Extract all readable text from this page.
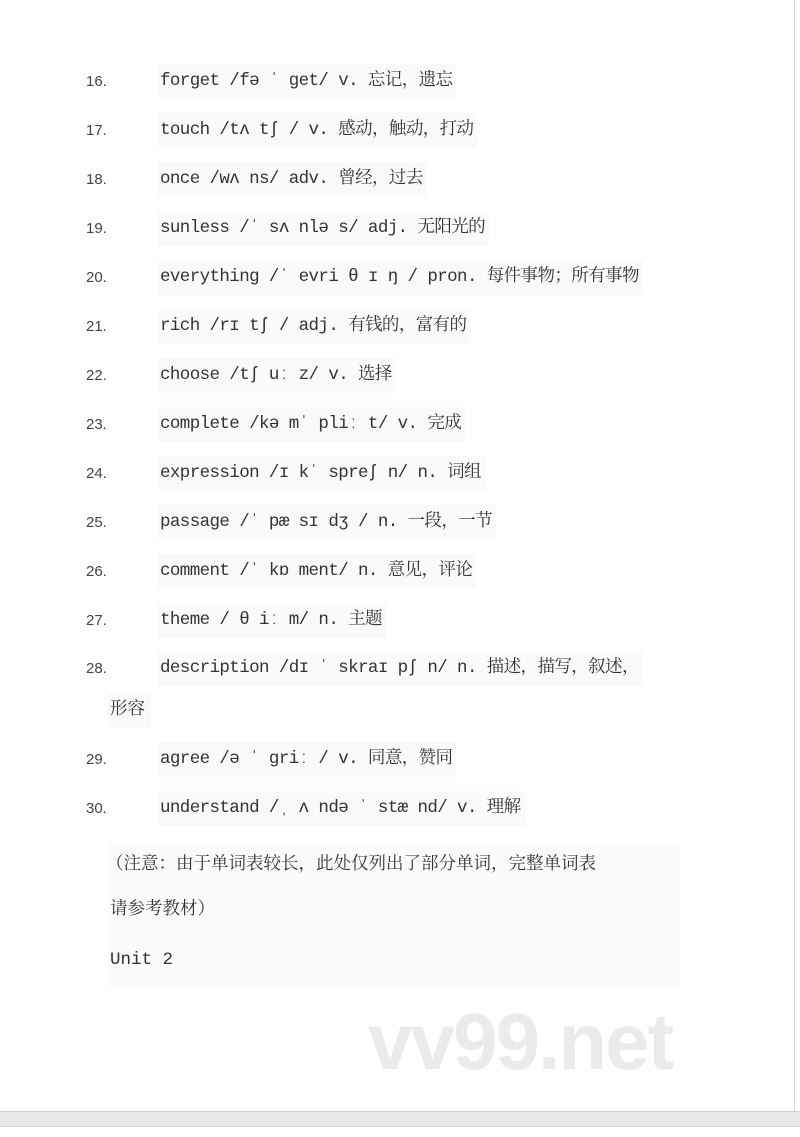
16.	forget /fə ˈ get/ v. 忘记，遗忘
17.	touch /tʌ tʃ / v. 感动，触动，打动
18.	once /wʌ ns/ adv. 曾经，过去
19.	sunless /ˈ sʌ nlə s/ adj. 无阳光的
20.	everything /ˈ evri θ ɪ ŋ / pron. 每件事物；所有事物
21.	rich /rɪ tʃ / adj. 有钱的，富有的
22.	choose /tʃ uː z/ v. 选择
23.	complete /kə mˈ pliː t/ v. 完成
24.	expression /ɪ kˈ spreʃ n/ n. 词组
25.	passage /ˈ pæ sɪ dʒ / n. 一段，一节
26.	comment /ˈ kɒ ment/ n. 意见，评论
27.	theme / θ iː m/ n. 主题
28.	description /dɪ ˈ skraɪ pʃ n/ n. 描述，描写，叙述，
形容
29.	agree /ə ˈ griː / v. 同意，赞同
30.	understand /ˌ ʌ ndə ˈ stæ nd/ v. 理解
（注意：由于单词表较长，此处仅列出了部分单词，完整单词表
请参考教材）
Unit 2
vv99.net
